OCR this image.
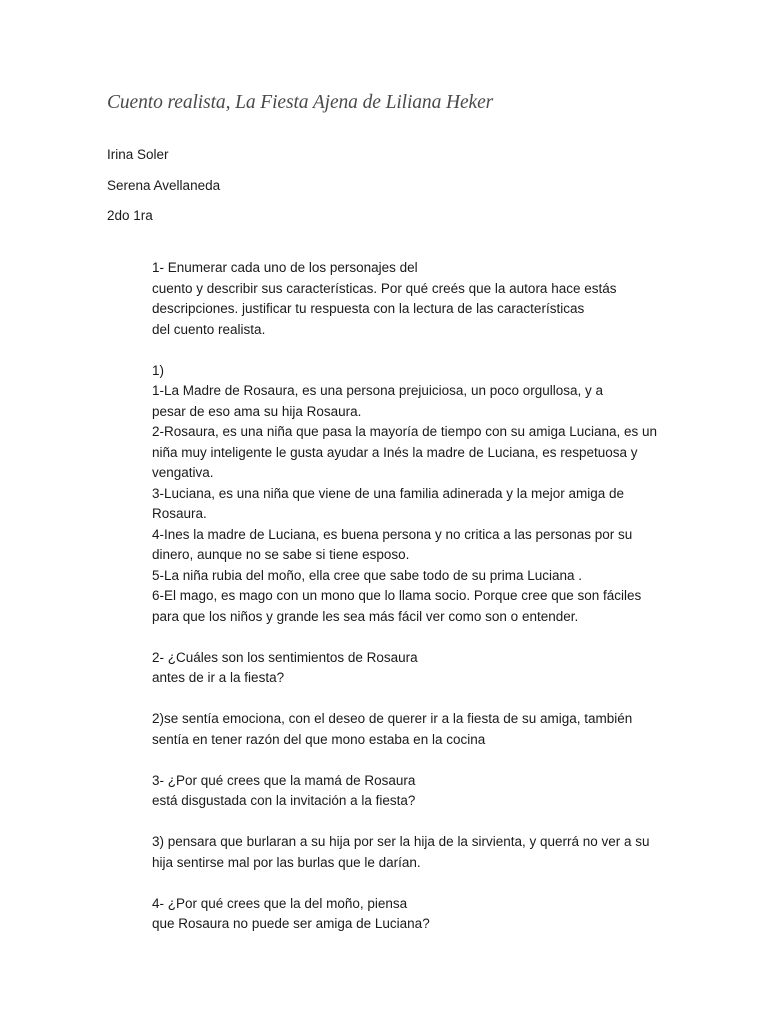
Cuento realista, La Fiesta Ajena de Liliana Heker

Irina Soler

Serena Avellaneda

2do 1ra

1- Enumerar cada uno de los personajes del
cuento y describir sus características. Por qué creés que la autora hace estás
descripciones. justificar tu respuesta con la lectura de las características
del cuento realista.
1)
1-La Madre de Rosaura, es una persona prejuiciosa, un poco orgullosa, y a
pesar de eso ama su hija Rosaura.
2-Rosaura, es una niña que pasa la mayoría de tiempo con su amiga Luciana, es un
niña muy inteligente le gusta ayudar a Inés la madre de Luciana, es respetuosa y
vengativa.
3-Luciana, es una niña que viene de una familia adinerada y la mejor amiga de
Rosaura.
4-Ines la madre de Luciana, es buena persona y no critica a las personas por su
dinero, aunque no se sabe si tiene esposo.
5-La niña rubia del moño, ella cree que sabe todo de su prima Luciana .
6-El mago, es mago con un mono que lo llama socio. Porque cree que son fáciles
para que los niños y grande les sea más fácil ver como son o entender.
2- ¿Cuáles son los sentimientos de Rosaura
antes de ir a la fiesta?
2)se sentía emociona, con el deseo de querer ir a la fiesta de su amiga, también
sentía en tener razón del que mono estaba en la cocina
3- ¿Por qué crees que la mamá de Rosaura
está disgustada con la invitación a la fiesta?
3) pensara que burlaran a su hija por ser la hija de la sirvienta, y querrá no ver a su
hija sentirse mal por las burlas que le darían.
4- ¿Por qué crees que la del moño, piensa
que Rosaura no puede ser amiga de Luciana?
